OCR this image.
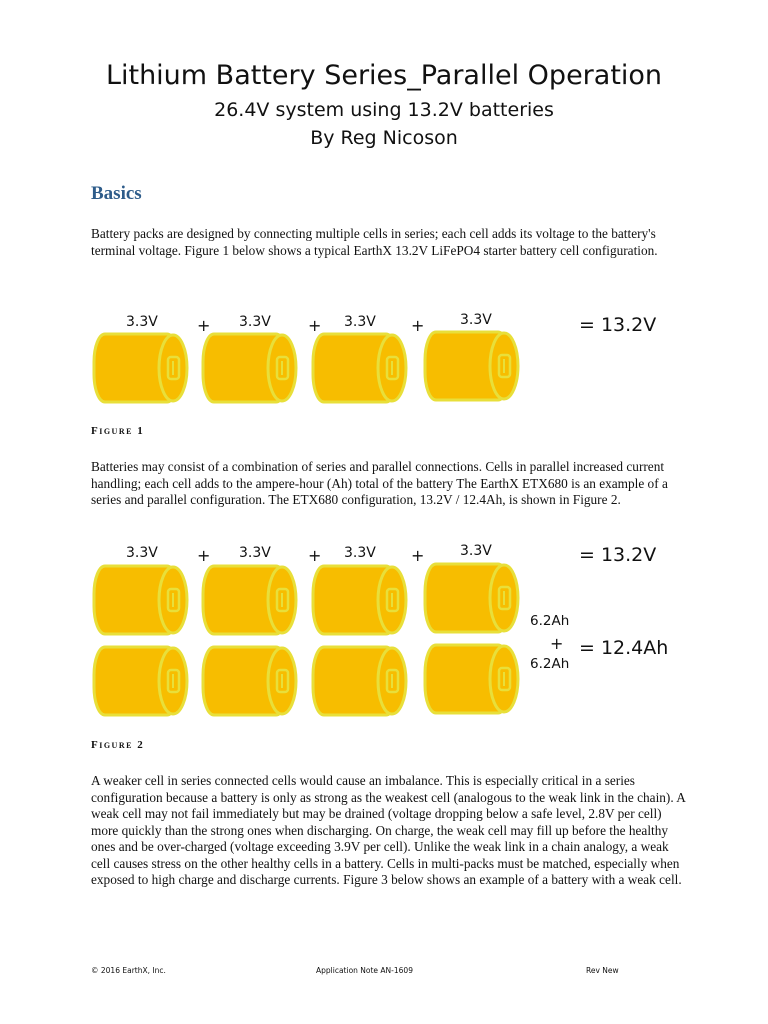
Lithium Battery Series_Parallel Operation
26.4V system using 13.2V batteries
By Reg Nicoson
Basics
Battery packs are designed by connecting multiple cells in series; each cell adds its voltage to the battery's terminal voltage. Figure 1 below shows a typical EarthX 13.2V LiFePO4 starter battery cell configuration.
3.3V + 3.3V + 3.3V +	3.3V	= 13.2V
Figure 1
Batteries may consist of a combination of series and parallel connections. Cells in parallel increased current handling; each cell adds to the ampere-hour (Ah) total of the battery The EarthX ETX680 is an example of a series and parallel configuration. The ETX680 configuration, 13.2V / 12.4Ah, is shown in Figure 2.
3.3V + 3.3V + 3.3V +	3.3V	= 13.2V
6.2Ah
+
6.2Ah
= 12.4Ah
Figure 2
A weaker cell in series connected cells would cause an imbalance. This is especially critical in a series configuration because a battery is only as strong as the weakest cell (analogous to the weak link in the chain). A weak cell may not fail immediately but may be drained (voltage dropping below a safe level, 2.8V per cell) more quickly than the strong ones when discharging. On charge, the weak cell may fill up before the healthy ones and be over-charged (voltage exceeding 3.9V per cell). Unlike the weak link in a chain analogy, a weak cell causes stress on the other healthy cells in a battery. Cells in multi-packs must be matched, especially when exposed to high charge and discharge currents. Figure 3 below shows an example of a battery with a weak cell.
© 2016 EarthX, Inc.	Application Note AN-1609	Rev New
